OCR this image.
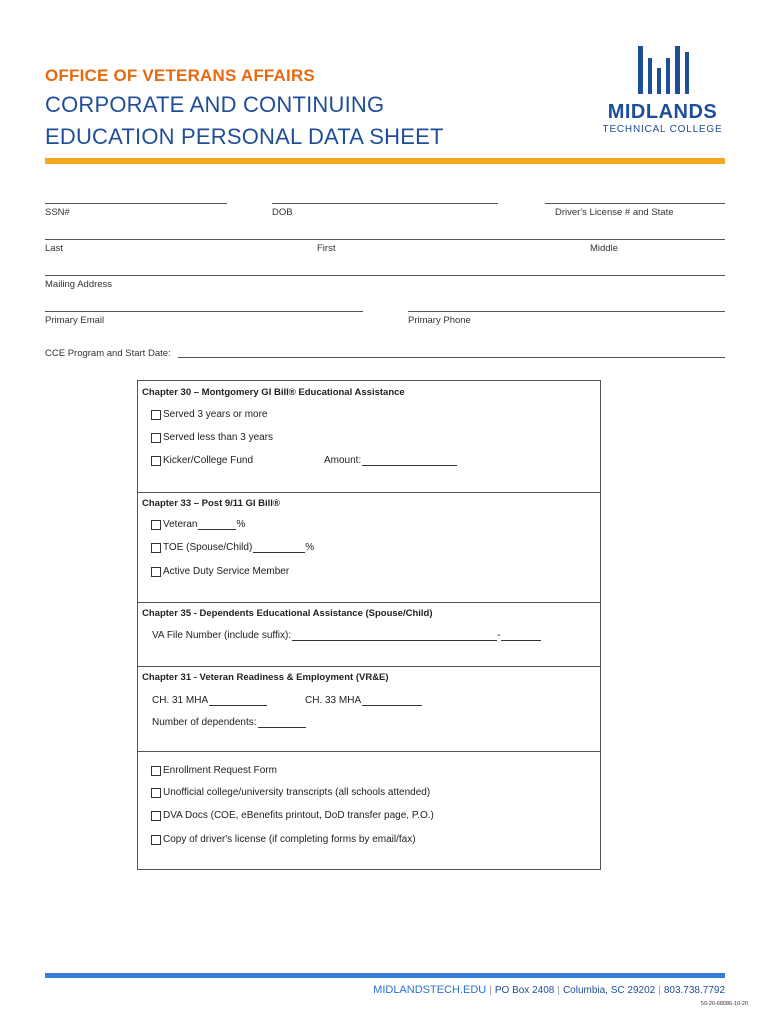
OFFICE OF VETERANS AFFAIRS
CORPORATE AND CONTINUING
EDUCATION PERSONAL DATA SHEET
MIDLANDS
TECHNICAL COLLEGE
SSN#	DOB	Driver's License # and State
Last	First	Middle
Mailing Address
Primary Email	Primary Phone
CCE Program and Start Date:
Chapter 30 – Montgomery GI Bill® Educational Assistance
Served 3 years or more
Served less than 3 years
Kicker/College Fund	Amount:
Chapter 33 – Post 9/11 GI Bill®
Veteran	%
TOE (Spouse/Child)	%
Active Duty Service Member
Chapter 35 - Dependents Educational Assistance (Spouse/Child)
VA File Number (include suffix):	-
Chapter 31 - Veteran Readiness & Employment (VR&E)
CH. 31 MHA	CH. 33 MHA
Number of dependents:
Enrollment Request Form
Unofficial college/university transcripts (all schools attended)
DVA Docs (COE, eBenefits printout, DoD transfer page, P.O.)
Copy of driver's license (if completing forms by email/fax)
MIDLANDSTECH.EDU | PO Box 2408 | Columbia, SC 29202 | 803.738.7792
50-20-68086-10-20
